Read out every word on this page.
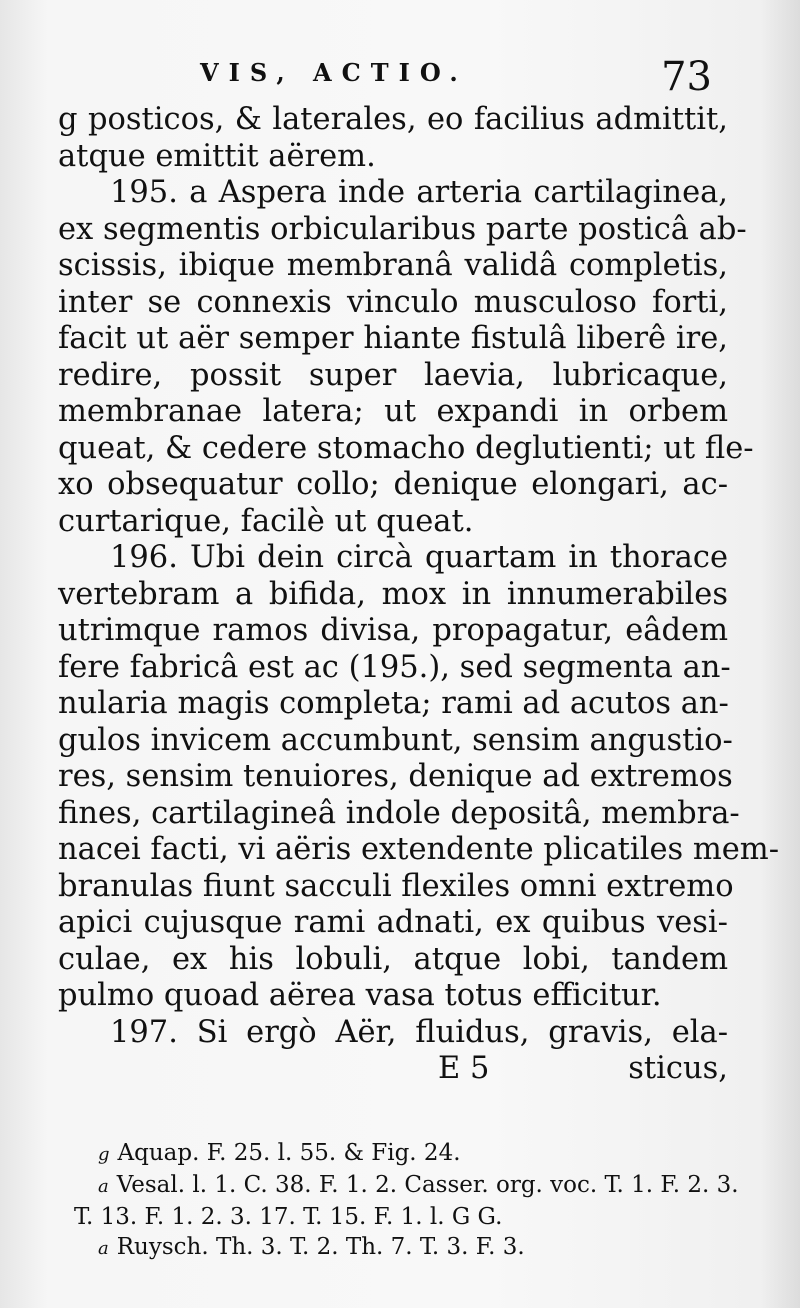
VIS, ACTIO.	73
g posticos, & laterales, eo facilius admittit,
atque emittit aërem.
195. a Aspera inde arteria cartilaginea,
ex segmentis orbicularibus parte posticâ ab-
scissis, ibique membranâ validâ completis,
inter se connexis vinculo musculoso forti,
facit ut aër semper hiante fistulâ liberê ire,
redire, possit super laevia, lubricaque,
membranae latera; ut expandi in orbem
queat, & cedere stomacho deglutienti; ut fle-
xo obsequatur collo; denique elongari, ac-
curtarique, facilè ut queat.
196. Ubi dein circà quartam in thorace
vertebram a bifida, mox in innumerabiles
utrimque ramos divisa, propagatur, eâdem
fere fabricâ est ac (195.), sed segmenta an-
nularia magis completa; rami ad acutos an-
gulos invicem accumbunt, sensim angustio-
res, sensim tenuiores, denique ad extremos
fines, cartilagineâ indole depositâ, membra-
nacei facti, vi aëris extendente plicatiles mem-
branulas fiunt sacculi flexiles omni extremo
apici cujusque rami adnati, ex quibus vesi-
culae, ex his lobuli, atque lobi, tandem
pulmo quoad aërea vasa totus efficitur.
197. Si ergò Aër, fluidus, gravis, ela-
E 5	sticus,
g Aquap. F. 25. l. 55. & Fig. 24.
a Vesal. l. 1. C. 38. F. 1. 2. Casser. org. voc. T. 1. F. 2. 3.
T. 13. F. 1. 2. 3. 17. T. 15. F. 1. l. G G.
a Ruysch. Th. 3. T. 2. Th. 7. T. 3. F. 3.
